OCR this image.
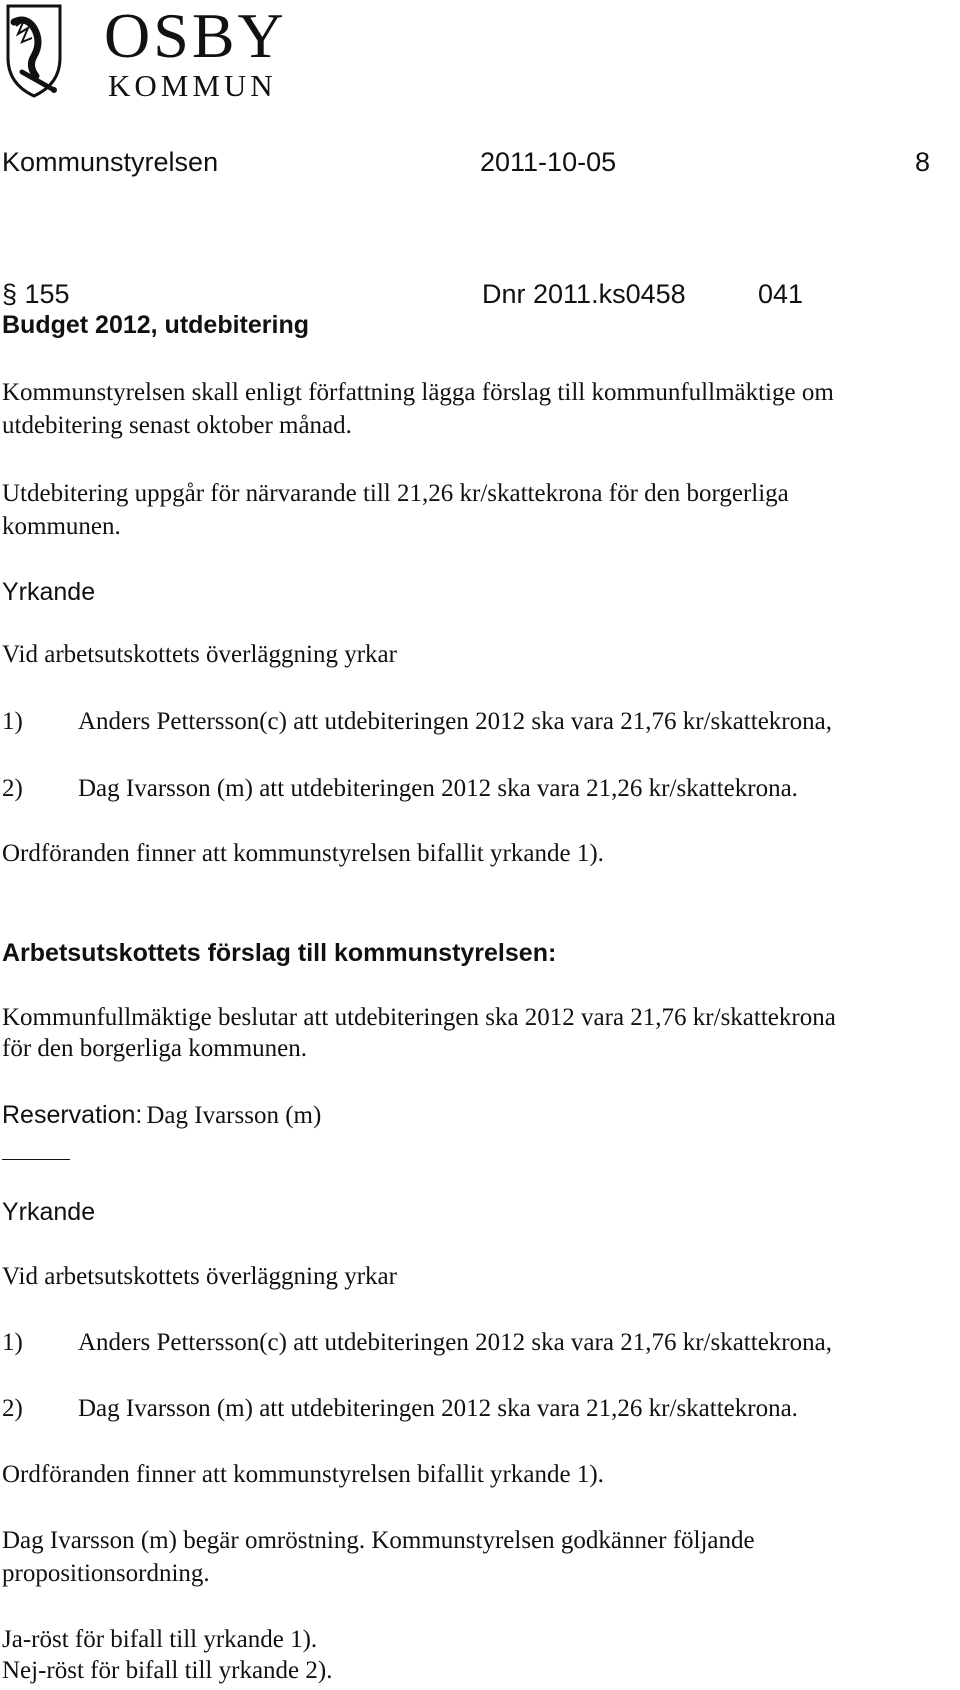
OSBY
KOMMUN
Kommunstyrelsen	2011-10-05	8
§ 155	Dnr 2011.ks0458	041
Budget 2012, utdebitering
Kommunstyrelsen skall enligt författning lägga förslag till kommunfullmäktige om
utdebitering senast oktober månad.
Utdebitering uppgår för närvarande till 21,26 kr/skattekrona för den borgerliga
kommunen.
Yrkande
Vid arbetsutskottets överläggning yrkar
1) Anders Pettersson(c) att utdebiteringen 2012 ska vara 21,76 kr/skattekrona,
2) Dag Ivarsson (m) att utdebiteringen 2012 ska vara 21,26 kr/skattekrona.
Ordföranden finner att kommunstyrelsen bifallit yrkande 1).
Arbetsutskottets förslag till kommunstyrelsen:
Kommunfullmäktige beslutar att utdebiteringen ska 2012 vara 21,76 kr/skattekrona
för den borgerliga kommunen.
Reservation: Dag Ivarsson (m)
Yrkande
Vid arbetsutskottets överläggning yrkar
1) Anders Pettersson(c) att utdebiteringen 2012 ska vara 21,76 kr/skattekrona,
2) Dag Ivarsson (m) att utdebiteringen 2012 ska vara 21,26 kr/skattekrona.
Ordföranden finner att kommunstyrelsen bifallit yrkande 1).
Dag Ivarsson (m) begär omröstning. Kommunstyrelsen godkänner följande
propositionsordning.
Ja-röst för bifall till yrkande 1).
Nej-röst för bifall till yrkande 2).
